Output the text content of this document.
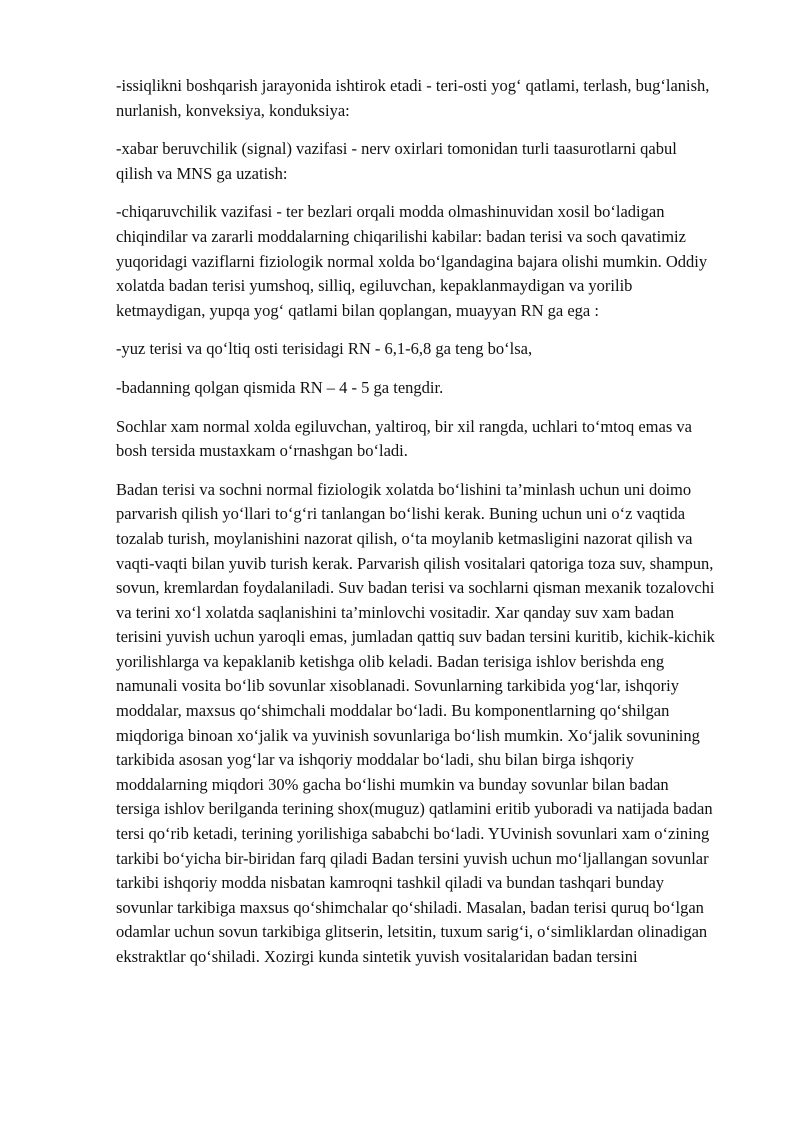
-issiqlikni boshqarish jarayonida ishtirok etadi - teri-osti yog‘ qatlami, terlash, bug‘lanish, nurlanish, konveksiya, konduksiya:

-xabar beruvchilik (signal) vazifasi - nerv oxirlari tomonidan turli taasurotlarni qabul qilish va MNS ga uzatish:

-chiqaruvchilik vazifasi - ter bezlari orqali modda olmashinuvidan xosil bo‘ladigan chiqindilar va zararli moddalarning chiqarilishi kabilar: badan terisi va soch qavatimiz yuqoridagi vaziflarni fiziologik normal xolda bo‘lgandagina bajara olishi mumkin. Oddiy xolatda badan terisi yumshoq, silliq, egiluvchan, kepaklanmaydigan va yorilib ketmaydigan, yupqa yog‘ qatlami bilan qoplangan, muayyan RN ga ega :

-yuz terisi va qo‘ltiq osti terisidagi RN - 6,1-6,8 ga teng bo‘lsa,

-badanning qolgan qismida RN – 4 - 5 ga tengdir.

Sochlar xam normal xolda egiluvchan, yaltiroq, bir xil rangda, uchlari to‘mtoq emas va bosh tersida mustaxkam o‘rnashgan bo‘ladi.

Badan terisi va sochni normal fiziologik xolatda bo‘lishini ta’minlash uchun uni doimo parvarish qilish yo‘llari to‘g‘ri tanlangan bo‘lishi kerak. Buning uchun uni o‘z vaqtida tozalab turish, moylanishini nazorat qilish, o‘ta moylanib ketmasligini nazorat qilish va vaqti-vaqti bilan yuvib turish kerak. Parvarish qilish vositalari qatoriga toza suv, shampun, sovun, kremlardan foydalaniladi. Suv badan terisi va sochlarni qisman mexanik tozalovchi va terini xo‘l xolatda saqlanishini ta’minlovchi vositadir. Xar qanday suv xam badan terisini yuvish uchun yaroqli emas, jumladan qattiq suv badan tersini kuritib, kichik-kichik yorilishlarga va kepaklanib ketishga olib keladi. Badan terisiga ishlov berishda eng namunali vosita bo‘lib sovunlar xisoblanadi. Sovunlarning tarkibida yog‘lar, ishqoriy moddalar, maxsus qo‘shimchali moddalar bo‘ladi. Bu komponentlarning qo‘shilgan miqdoriga binoan xo‘jalik va yuvinish sovunlariga bo‘lish mumkin. Xo‘jalik sovunining tarkibida asosan yog‘lar va ishqoriy moddalar bo‘ladi, shu bilan birga ishqoriy moddalarning miqdori 30% gacha bo‘lishi mumkin va bunday sovunlar bilan badan tersiga ishlov berilganda terining shox(muguz) qatlamini eritib yuboradi va natijada badan tersi qo‘rib ketadi, terining yorilishiga sababchi bo‘ladi. YUvinish sovunlari xam o‘zining tarkibi bo‘yicha bir-biridan farq qiladi Badan tersini yuvish uchun mo‘ljallangan sovunlar tarkibi ishqoriy modda nisbatan kamroqni tashkil qiladi va bundan tashqari bunday sovunlar tarkibiga maxsus qo‘shimchalar qo‘shiladi. Masalan, badan terisi quruq bo‘lgan odamlar uchun sovun tarkibiga glitserin, letsitin, tuxum sarig‘i, o‘simliklardan olinadigan ekstraktlar qo‘shiladi. Xozirgi kunda sintetik yuvish vositalaridan badan tersini
